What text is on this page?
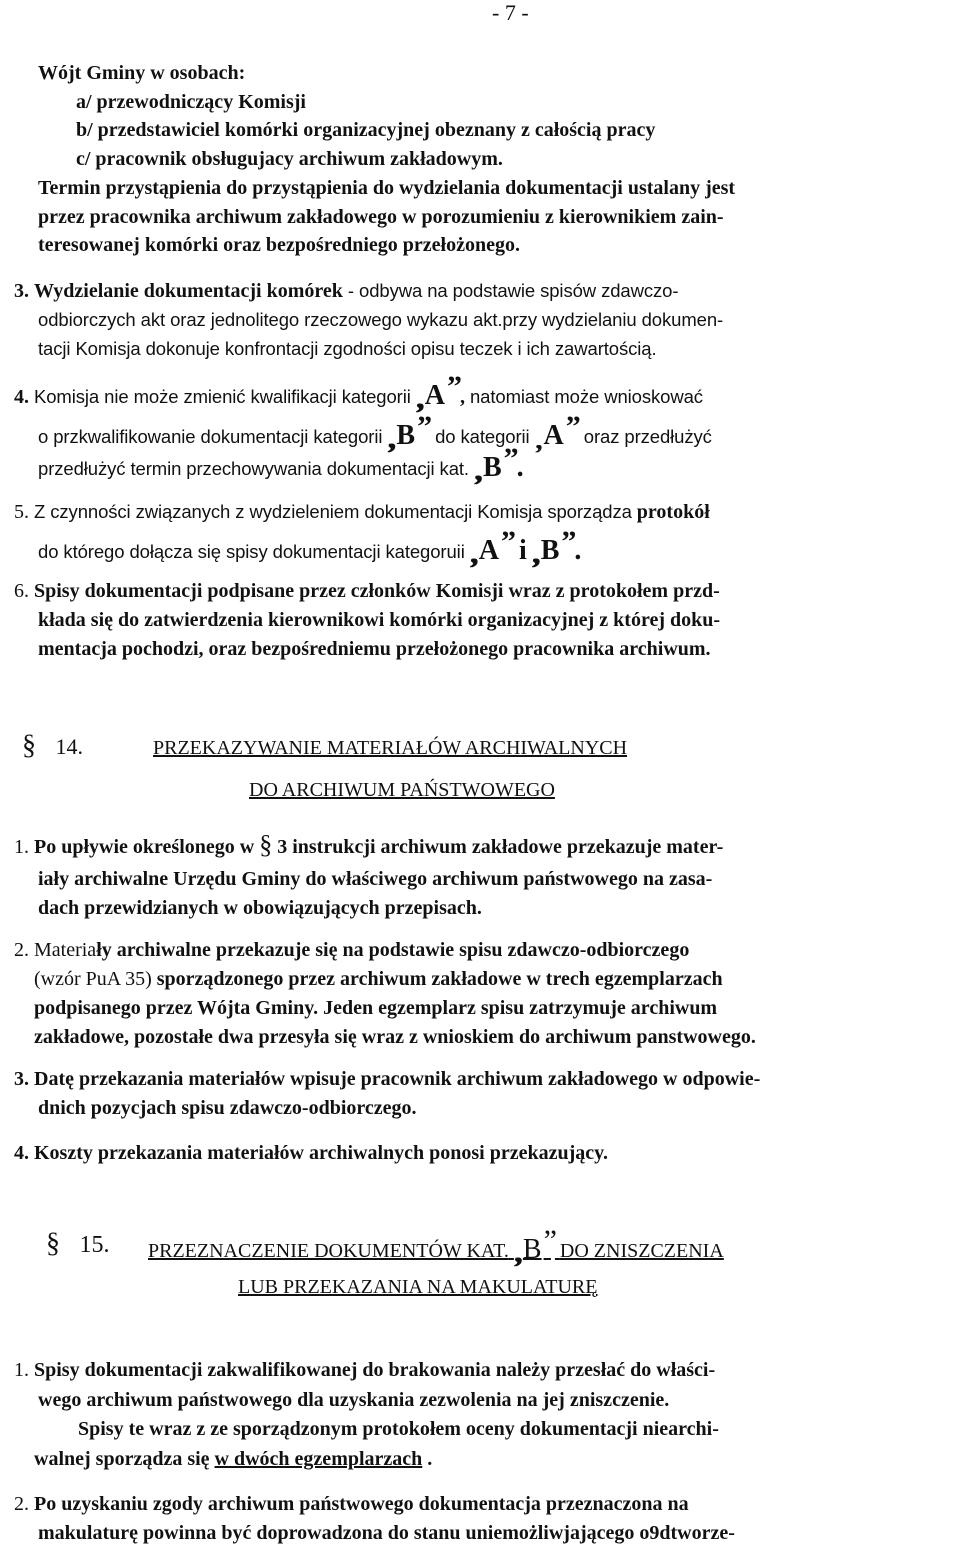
- 7 -
Wójt Gminy w osobach:
a/ przewodniczący Komisji
b/ przedstawiciel komórki organizacyjnej obeznany z całością pracy
c/ pracownik obsługujacy archiwum zakładowym.
Termin przystąpienia do przystąpienia do wydzielania dokumentacji ustalany jest
przez pracownika archiwum zakładowego w porozumieniu z kierownikiem zain-
teresowanej komórki oraz bezpośredniego przełożonego.
3. Wydzielanie dokumentacji komórek - odbywa na podstawie spisów zdawczo-
odbiorczych akt oraz jednolitego rzeczowego wykazu akt.przy wydzielaniu dokumen-
tacji Komisja dokonuje konfrontacji zgodności opisu teczek i ich zawartością.
4. Komisja nie może zmienić kwalifikacji kategorii ,, A” , natomiast może wnioskować
o przkwalifikowanie dokumentacji kategorii ,, B” do kategorii ,, A” oraz przedłużyć
przedłużyć termin przechowywania dokumentacji kat. ,, B” .
5. Z czynności związanych z wydzieleniem dokumentacji Komisja sporządza protokół
do którego dołącza się spisy dokumentacji kategoruii ,, A” i ,, B” .
6. Spisy dokumentacji podpisane przez członków Komisji wraz z protokołem przd-
kłada się do zatwierdzenia kierownikowi komórki organizacyjnej z której doku-
mentacja pochodzi, oraz bezpośredniemu przełożonego pracownika archiwum.
§ 14.	PRZEKAZYWANIE MATERIAŁÓW ARCHIWALNYCH
DO ARCHIWUM PAŃSTWOWEGO
1. Po upływie określonego w § 3 instrukcji archiwum zakładowe przekazuje mater-
iały archiwalne Urzędu Gminy do właściwego archiwum państwowego na zasa-
dach przewidzianych w obowiązujących przepisach.
2. Materiały archiwalne przekazuje się na podstawie spisu zdawczo-odbiorczego
(wzór PuA 35) sporządzonego przez archiwum zakładowe w trech egzemplarzach
podpisanego przez Wójta Gminy. Jeden egzemplarz spisu zatrzymuje archiwum
zakładowe, pozostałe dwa przesyła się wraz z wnioskiem do archiwum panstwowego.
3. Datę przekazania materiałów wpisuje pracownik archiwum zakładowego w odpowie-
dnich pozycjach spisu zdawczo-odbiorczego.
4. Koszty przekazania materiałów archiwalnych ponosi przekazujący.
§ 15. PRZEZNACZENIE DOKUMENTÓW KAT. ,, B” DO ZNISZCZENIA
LUB PRZEKAZANIA NA MAKULATURĘ
1. Spisy dokumentacji zakwalifikowanej do brakowania należy przesłać do właści-
wego archiwum państwowego dla uzyskania zezwolenia na jej zniszczenie.
Spisy te wraz z ze sporządzonym protokołem oceny dokumentacji niearchi-
walnej sporządza się w dwóch egzemplarzach .
2. Po uzyskaniu zgody archiwum państwowego dokumentacja przeznaczona na
makulaturę powinna być doprowadzona do stanu uniemożliwjającego o9dtworze-
